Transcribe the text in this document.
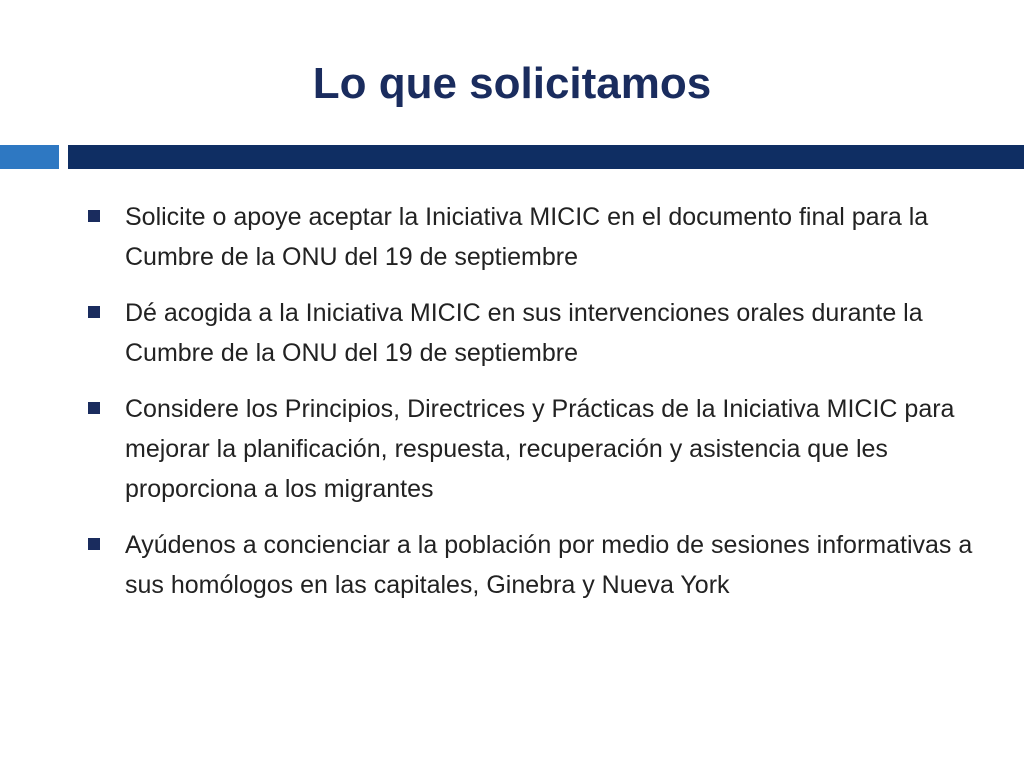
Lo que solicitamos
Solicite o apoye aceptar la Iniciativa MICIC en el documento final para la Cumbre de la ONU del 19 de septiembre
Dé acogida a la Iniciativa MICIC en sus intervenciones orales durante la Cumbre de la ONU del 19 de septiembre
Considere los Principios, Directrices y Prácticas de la Iniciativa MICIC para mejorar la planificación, respuesta, recuperación y asistencia que les proporciona a los migrantes
Ayúdenos a concienciar a la población por medio de sesiones informativas a sus homólogos en las capitales, Ginebra y Nueva York
